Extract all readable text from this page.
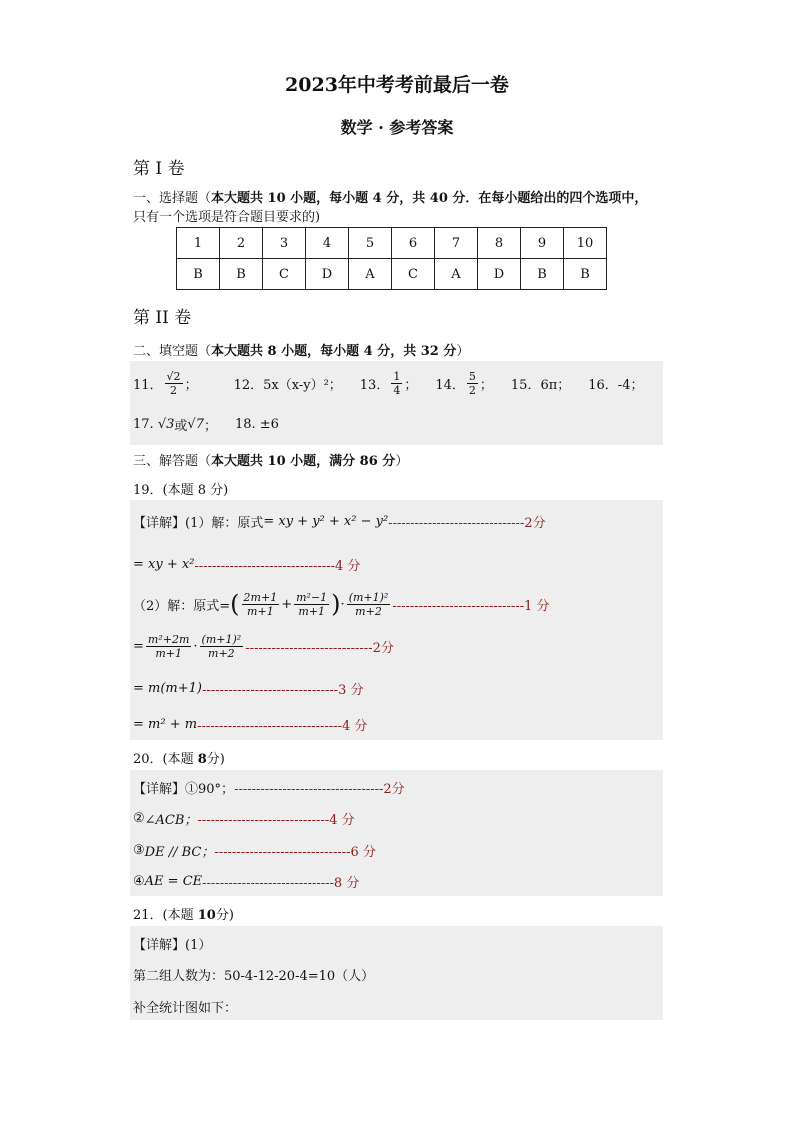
2023年中考考前最后一卷
数学 · 参考答案
第 I 卷
一、选择题（本大题共 10 小题，每小题 4 分，共 40 分．在每小题给出的四个选项中，
只有一个选项是符合题目要求的)
1	2	3	4	5	6	7	8	9	10
B	B	C	D	A	C	A	D	B	B
第 II 卷
二、填空题（本大题共 8 小题，每小题 4 分，共 32 分）
11． $\frac{√2}{2}$ ；	12．5x（x-y）²； 13． $\frac{1}{4}$ ； 14． $\frac{5}{2}$ ； 15．6π； 16．-4；
17.
√3 或 √7 ； 18. ±6
三、解答题（本大题共 10 小题，满分 86 分）
19．(本题 8 分)
【详解】(1）解：原式 = xy + y² + x² − y² -------------------------------2分
= xy + x² --------------------------------4 分
（2）解：原式= ( $\frac{2m+1}{m+1} + \frac{\text{m²−1}}{m+1}$ ) · $\frac{\text{(m+1)²}}{m+2} ------------------------------1$ 分
= $\frac{\text{m²+2m}}{m+1} \cdot \frac{\text{(m+1)²}}{m+2} -----------------------------2$分
= m(m+1) -------------------------------3 分
= m² + m ---------------------------------4 分
20．(本题 8分)
【详解】① 90°； ----------------------------------2分
② ∠ACB； ------------------------------4 分
③ DE // BC； -------------------------------6 分
④ AE = CE ------------------------------8 分
21．(本题 10分)
【详解】(1）
第二组人数为：50-4-12-20-4=10（人）
补全统计图如下：
